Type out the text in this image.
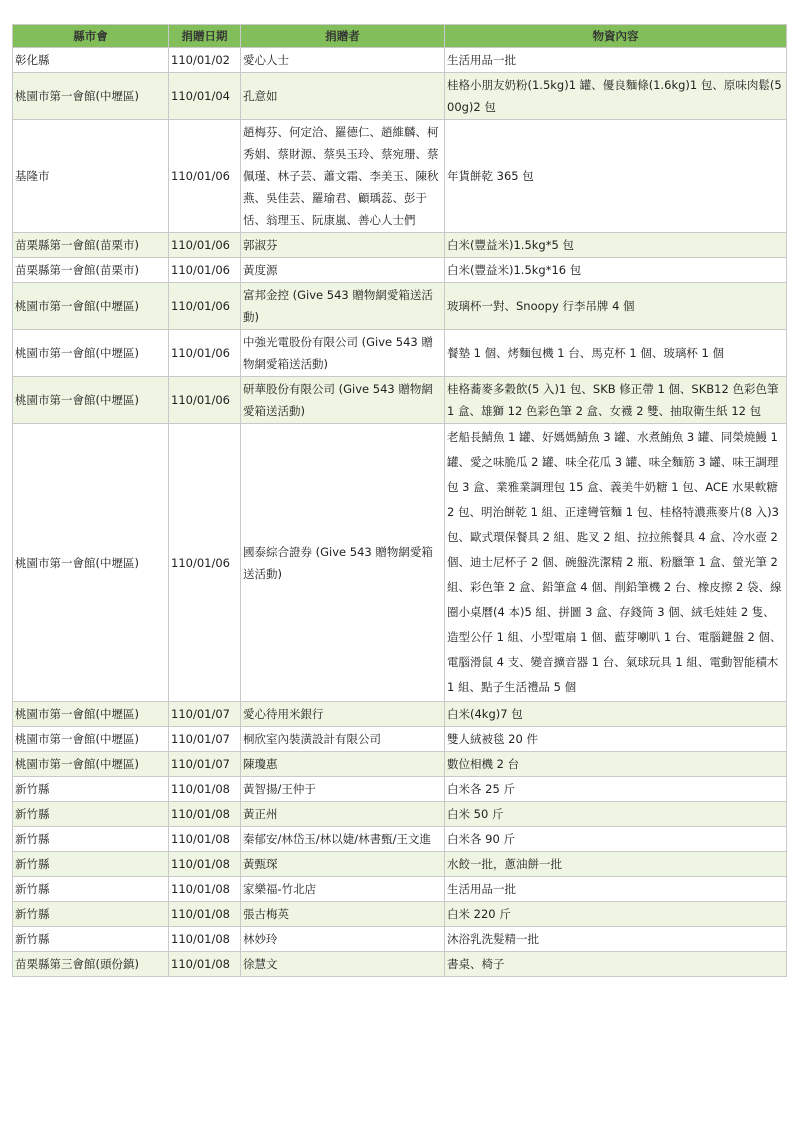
縣市會	捐贈日期	捐贈者	物資內容
彰化縣	110/01/02	愛心人士	生活用品一批
桃園市第一會館(中壢區)	110/01/04	孔意如	桂格小朋友奶粉(1.5kg)1 罐、優良麵條(1.6kg)1 包、原味肉鬆(500g)2 包
基隆市	110/01/06	趙梅芬、何定洽、羅德仁、趙維麟、柯秀娟、蔡財源、蔡吳玉玲、蔡宛珊、蔡佩瑾、林子芸、蕭文霜、李美玉、陳秋燕、吳佳芸、羅瑜君、顧瑀蕊、彭于恬、翁理玉、阮康嵐、善心人士們	年貨餅乾 365 包
苗栗縣第一會館(苗栗市)	110/01/06	郭淑芬	白米(豐益米)1.5kg*5 包
苗栗縣第一會館(苗栗市)	110/01/06	黃度源	白米(豐益米)1.5kg*16 包
桃園市第一會館(中壢區)	110/01/06	富邦金控 (Give 543 贈物網愛箱送活動)	玻璃杯一對、Snoopy 行李吊牌 4 個
桃園市第一會館(中壢區)	110/01/06	中強光電股份有限公司 (Give 543 贈物網愛箱送活動)	餐墊 1 個、烤麵包機 1 台、馬克杯 1 個、玻璃杯 1 個
桃園市第一會館(中壢區)	110/01/06	研華股份有限公司 (Give 543 贈物網愛箱送活動)	桂格蕎麥多穀飲(5 入)1 包、SKB 修正帶 1 個、SKB12 色彩色筆 1 盒、雄獅 12 色彩色筆 2 盒、女襪 2 雙、抽取衛生紙 12 包
桃園市第一會館(中壢區)	110/01/06	國泰綜合證券 (Give 543 贈物網愛箱送活動)	老船長鯖魚 1 罐、好媽媽鯖魚 3 罐、水煮鮪魚 3 罐、同榮燒鰻 1 罐、愛之味脆瓜 2 罐、味全花瓜 3 罐、味全麵筋 3 罐、味王調理包 3 盒、業雅業調理包 15 盒、義美牛奶糖 1 包、ACE 水果軟糖 2 包、明治餅乾 1 組、正達彎管麵 1 包、桂格特濃燕麥片(8 入)3 包、歐式環保餐具 2 組、匙叉 2 組、拉拉熊餐具 4 盒、冷水壺 2 個、迪士尼杯子 2 個、碗盤洗潔精 2 瓶、粉臘筆 1 盒、螢光筆 2 組、彩色筆 2 盒、鉛筆盒 4 個、削鉛筆機 2 台、橡皮擦 2 袋、線圈小桌曆(4 本)5 組、拼圖 3 盒、存錢筒 3 個、絨毛娃娃 2 隻、造型公仔 1 組、小型電扇 1 個、藍芽喇叭 1 台、電腦鍵盤 2 個、電腦滑鼠 4 支、變音擴音器 1 台、氣球玩具 1 組、電動智能積木 1 組、點子生活禮品 5 個
桃園市第一會館(中壢區)	110/01/07	愛心待用米銀行	白米(4kg)7 包
桃園市第一會館(中壢區)	110/01/07	桐欣室內裝潢設計有限公司	雙人絨被毯 20 件
桃園市第一會館(中壢區)	110/01/07	陳瓊惠	數位相機 2 台
新竹縣	110/01/08	黃智揚/王仲于	白米各 25 斤
新竹縣	110/01/08	黃正州	白米 50 斤
新竹縣	110/01/08	秦郁安/林岱玉/林以婕/林書甄/王文進	白米各 90 斤
新竹縣	110/01/08	黃甄琛	水餃一批，蔥油餅一批
新竹縣	110/01/08	家樂福-竹北店	生活用品一批
新竹縣	110/01/08	張古梅英	白米 220 斤
新竹縣	110/01/08	林妙玲	沐浴乳洗髮精一批
苗栗縣第三會館(頭份鎮)	110/01/08	徐慧文	書桌、椅子
